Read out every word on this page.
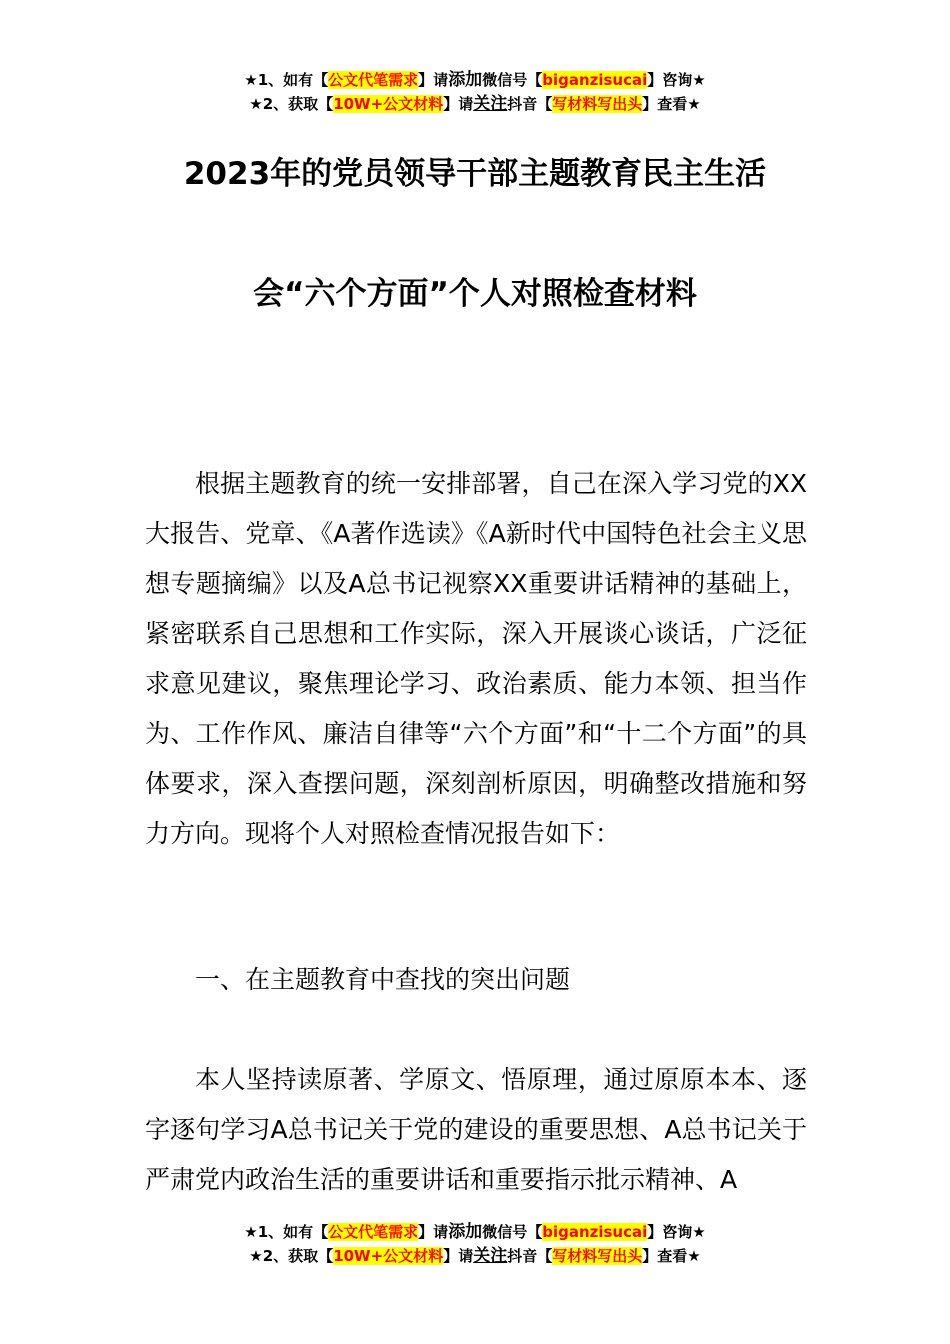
★1、如有【公文代笔需求】请添加微信号【biganzisucai】咨询★
★2、获取【10W+公文材料】请关注抖音【写材料写出头】查看★
2023年的党员领导干部主题教育民主生活
会“六个方面”个人对照检查材料

根据主题教育的统一安排部署，自己在深入学习党的XX大报告、党章、《A著作选读》《A新时代中国特色社会主义思想专题摘编》以及A总书记视察XX重要讲话精神的基础上，紧密联系自己思想和工作实际，深入开展谈心谈话，广泛征求意见建议，聚焦理论学习、政治素质、能力本领、担当作为、工作作风、廉洁自律等“六个方面”和“十二个方面”的具体要求，深入查摆问题，深刻剖析原因，明确整改措施和努力方向。现将个人对照检查情况报告如下：

一、在主题教育中查找的突出问题

本人坚持读原著、学原文、悟原理，通过原原本本、逐字逐句学习A总书记关于党的建设的重要思想、A总书记关于严肃党内政治生活的重要讲话和重要指示批示精神、A

★1、如有【公文代笔需求】请添加微信号【biganzisucai】咨询★
★2、获取【10W+公文材料】请关注抖音【写材料写出头】查看★
